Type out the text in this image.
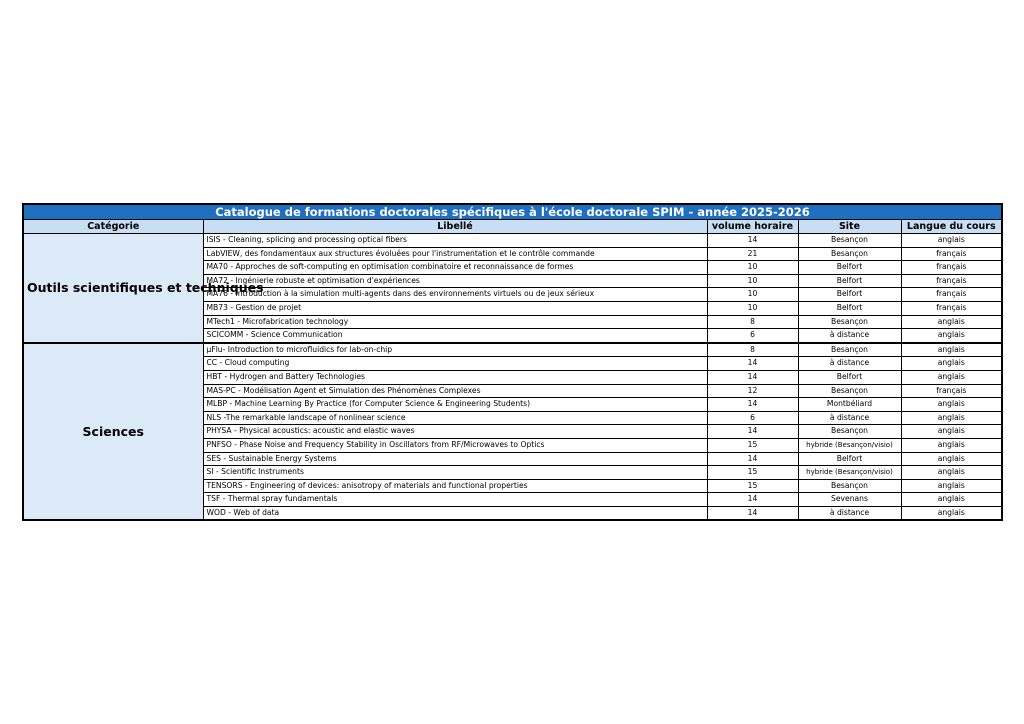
Catalogue de formations doctorales spécifiques à l'école doctorale SPIM - année 2025-2026				
Catégorie	Libellé	volume horaire	Site	Langue du cours
Outils scientifiques et techniques	ISIS - Cleaning, splicing and processing optical fibers	14	Besançon	anglais
	LabVIEW, des fondamentaux aux structures évoluées pour l'instrumentation et le contrôle commande	21	Besançon	français
	MA70 - Approches de soft-computing en optimisation combinatoire et reconnaissance de formes	10	Belfort	français
	MA72 - Ingénierie robuste et optimisation d'expériences	10	Belfort	français
	MA76 - Introduction à la simulation multi-agents dans des environnements virtuels ou de jeux sérieux	10	Belfort	français
	MB73 - Gestion de projet	10	Belfort	français
	MTech1 - Microfabrication technology	8	Besançon	anglais
	SCICOMM - Science Communication	6	à distance	anglais
Sciences	µFlu- Introduction to microfluidics for lab-on-chip	8	Besançon	anglais
	CC - Cloud computing	14	à distance	anglais
	HBT - Hydrogen and Battery Technologies	14	Belfort	anglais
	MAS-PC - Modélisation Agent et Simulation des Phénomènes Complexes	12	Besançon	français
	MLBP - Machine Learning By Practice (for Computer Science & Engineering Students)	14	Montbéliard	anglais
	NLS -The remarkable landscape of nonlinear science	6	à distance	anglais
	PHYSA - Physical acoustics: acoustic and elastic waves	14	Besançon	anglais
	PNFSO - Phase Noise and Frequency Stability in Oscillators from RF/Microwaves to Optics	15	hybride (Besançon/visio)	anglais
	SES - Sustainable Energy Systems	14	Belfort	anglais
	SI - Scientific Instruments	15	hybride (Besançon/visio)	anglais
	TENSORS - Engineering of devices: anisotropy of materials and functional properties	15	Besançon	anglais
	TSF - Thermal spray fundamentals	14	Sevenans	anglais
	WOD - Web of data	14	à distance	anglais
